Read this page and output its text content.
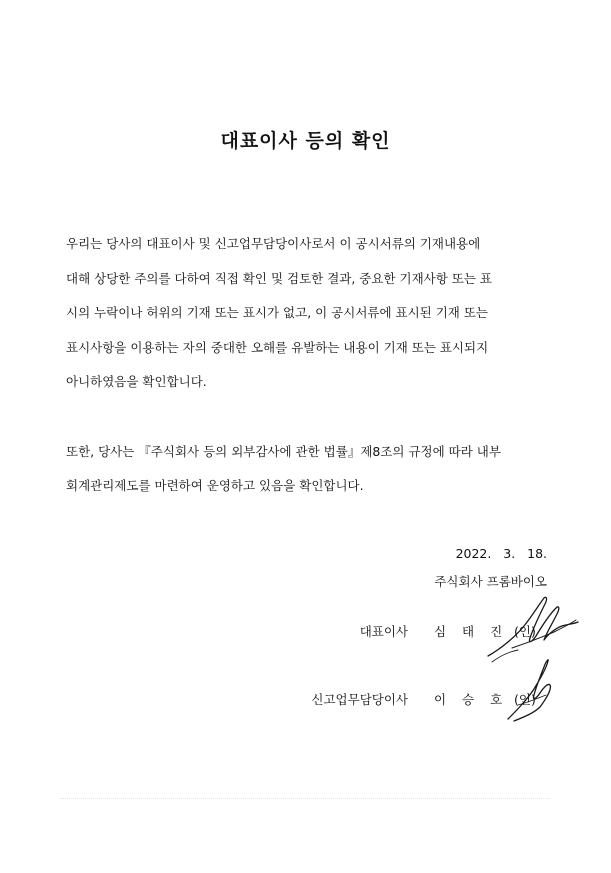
대표이사 등의 확인
우리는 당사의 대표이사 및 신고업무담당이사로서 이 공시서류의 기재내용에
대해 상당한 주의를 다하여 직접 확인 및 검토한 결과, 중요한 기재사항 또는 표
시의 누락이나 허위의 기재 또는 표시가 없고, 이 공시서류에 표시된 기재 또는
표시사항을 이용하는 자의 중대한 오해를 유발하는 내용이 기재 또는 표시되지
아니하였음을 확인합니다.
또한, 당사는 『주식회사 등의 외부감사에 관한 법률』제8조의 규정에 따라 내부
회계관리제도를 마련하여 운영하고 있음을 확인합니다.
2022.   3.   18.
주식회사 프롬바이오
대표이사 심 태 진 (인)
신고업무담당이사 이 승 호 (인)
